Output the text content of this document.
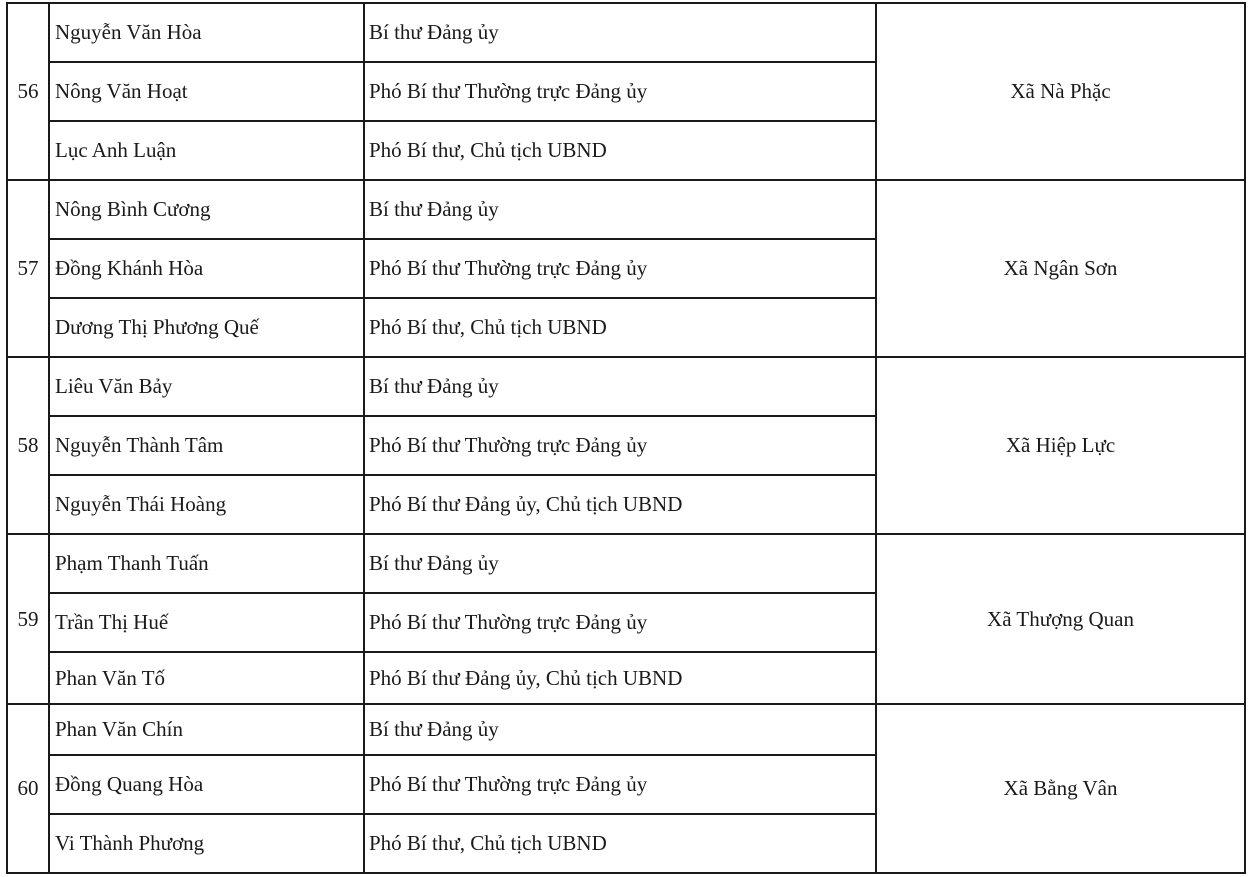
56	Nguyễn Văn Hòa	Bí thư Đảng ủy	Xã Nà Phặc
	Nông Văn Hoạt	Phó Bí thư Thường trực Đảng ủy	
	Lục Anh Luận	Phó Bí thư, Chủ tịch UBND	
57	Nông Bình Cương	Bí thư Đảng ủy	Xã Ngân Sơn
	Đồng Khánh Hòa	Phó Bí thư Thường trực Đảng ủy	
	Dương Thị Phương Quế	Phó Bí thư, Chủ tịch UBND	
58	Liêu Văn Bảy	Bí thư Đảng ủy	Xã Hiệp Lực
	Nguyễn Thành Tâm	Phó Bí thư Thường trực Đảng ủy	
	Nguyễn Thái Hoàng	Phó Bí thư Đảng ủy, Chủ tịch UBND	
59	Phạm Thanh Tuấn	Bí thư Đảng ủy	Xã Thượng Quan
	Trần Thị Huế	Phó Bí thư Thường trực Đảng ủy	
	Phan Văn Tố	Phó Bí thư Đảng ủy, Chủ tịch UBND	
60	Phan Văn Chín	Bí thư Đảng ủy	Xã Bằng Vân
	Đồng Quang Hòa	Phó Bí thư Thường trực Đảng ủy	
	Vi Thành Phương	Phó Bí thư, Chủ tịch UBND	
